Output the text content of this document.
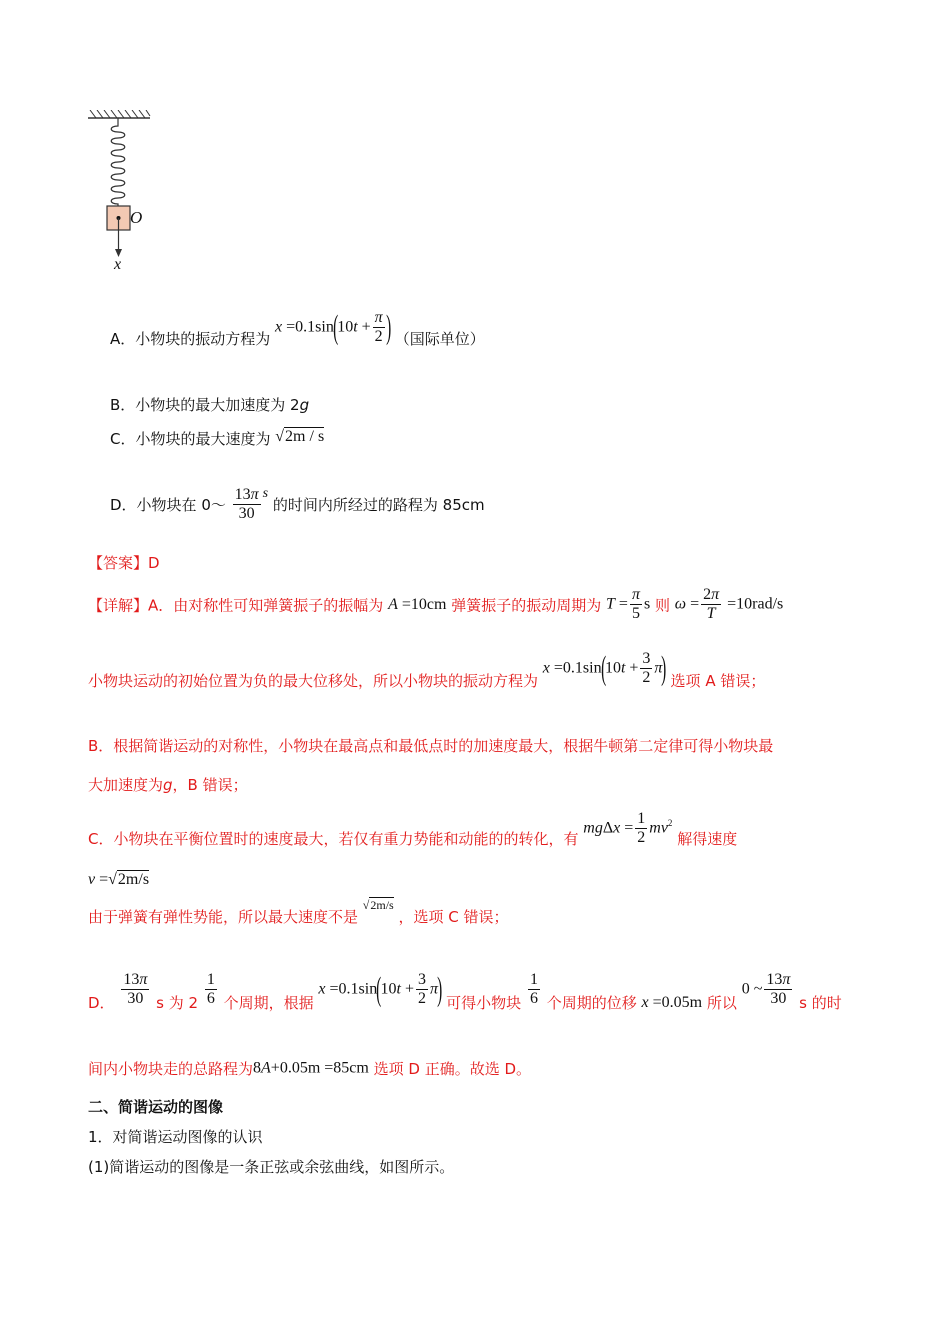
O
x
A．小物块的振动方程为 $x =0.1\sin(10t + \frac{\pi}{2}$ ) （国际单位）
B．小物块的最大加速度为 2g
C．小物块的最大速度为 √2m / s
D．小物块在 0～ $\frac{13\pi}{30}$ s 的时间内所经过的路程为 85cm
【答案】D
【详解】A．由对称性可知弹簧振子的振幅为 A =10cm 弹簧振子的振动周期为 $T = \frac{\pi}{5}$ s 则 $\omega = \frac{2\pi}{T} =10rad/s$
小物块运动的初始位置为负的最大位移处，所以小物块的振动方程为 $x =0.1\sin(10t + \frac{3}{2} \pi)$ 选项 A 错误；
B．根据简谐运动的对称性，小物块在最高点和最低点时的加速度最大，根据牛顿第二定律可得小物块最
大加速度为g，B 错误；
C．小物块在平衡位置时的速度最大，若仅有重力势能和动能的的转化，有 $mg\Delta x = \frac{1}{2} mv^2$ 解得速度
v =√2m/s
由于弹簧有弹性势能，所以最大速度不是 √2m/s ，选项 C 错误；
D． $\frac{13\pi}{30}$ s 为 $2 \frac{1}{6}$ 个周期，根据 $x =0.1\sin(10t + \frac{3}{2} \pi)$ 可得小物块 $\frac{1}{6}$ 个周期的位移 x =0.05m 所以 0 ~ $\frac{13\pi}{30}$ s 的时
间内小物块走的总路程为8A+0.05m =85cm 选项 D 正确。故选 D。
二、简谐运动的图像
1．对简谐运动图像的认识
(1)简谐运动的图像是一条正弦或余弦曲线，如图所示。
